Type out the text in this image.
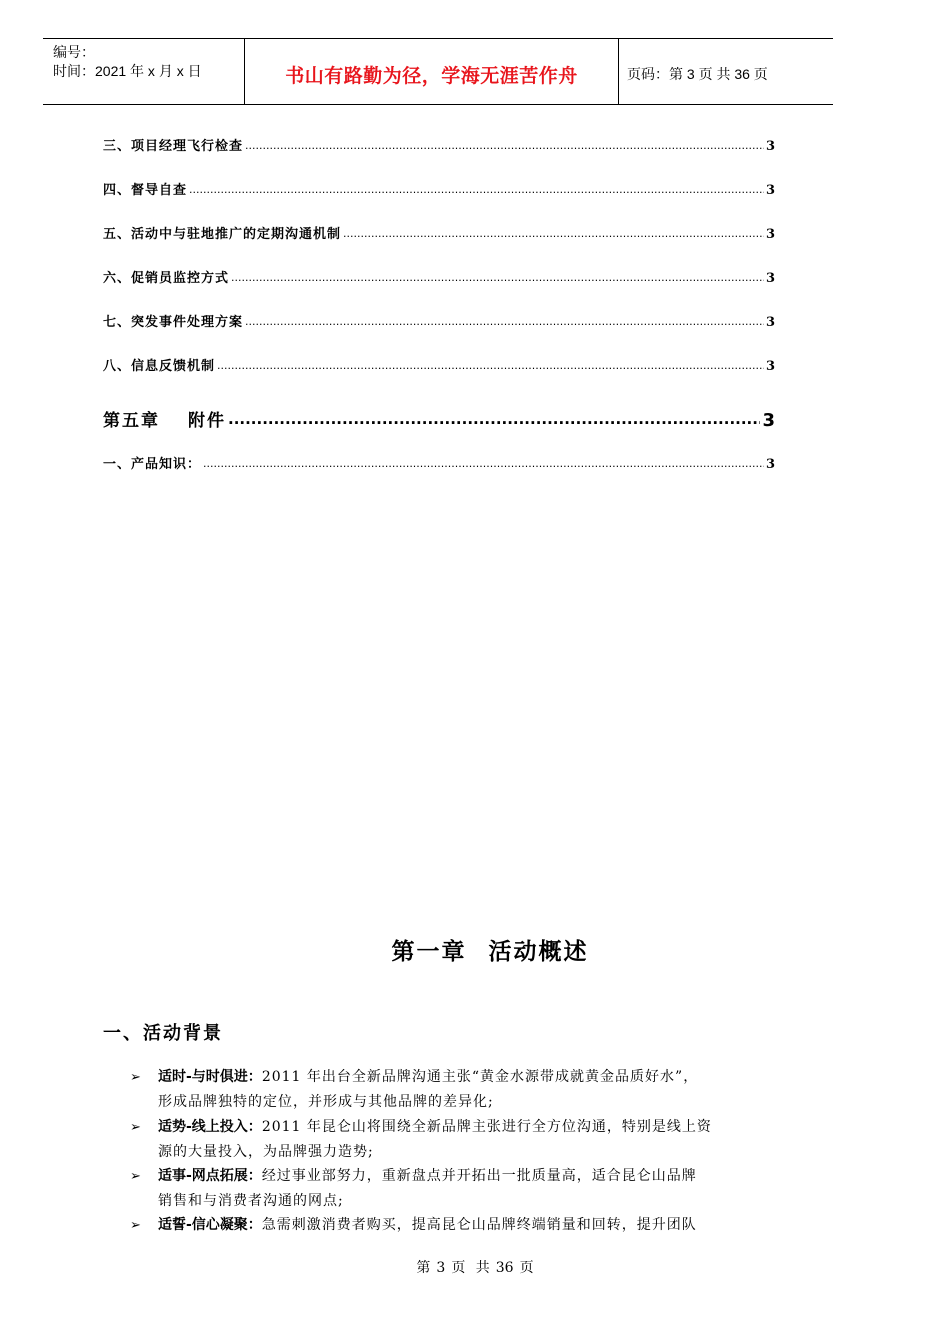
编号：
时间：2021 年 x 月 x 日	书山有路勤为径，学海无涯苦作舟	页码：第 3 页 共 36 页
三、项目经理飞行检查 .....	3
四、督导自查 .....	3
五、活动中与驻地推广的定期沟通机制 .....	3
六、促销员监控方式 .....	3
七、突发事件处理方案 .....	3
八、信息反馈机制 .....	3
第五章 附件 .....	3
一、产品知识： .....	3
第一章 活动概述
一、活动背景
➢ 适时-与时俱进：2011 年出台全新品牌沟通主张“黄金水源带成就黄金品质好水”，
形成品牌独特的定位，并形成与其他品牌的差异化;
➢ 适势-线上投入：2011 年昆仑山将围绕全新品牌主张进行全方位沟通，特别是线上资
源的大量投入，为品牌强力造势;
➢ 适事-网点拓展：经过事业部努力，重新盘点并开拓出一批质量高，适合昆仑山品牌
销售和与消费者沟通的网点;
➢ 适誓-信心凝聚：急需刺激消费者购买，提高昆仑山品牌终端销量和回转，提升团队
第 3 页 共 36 页
